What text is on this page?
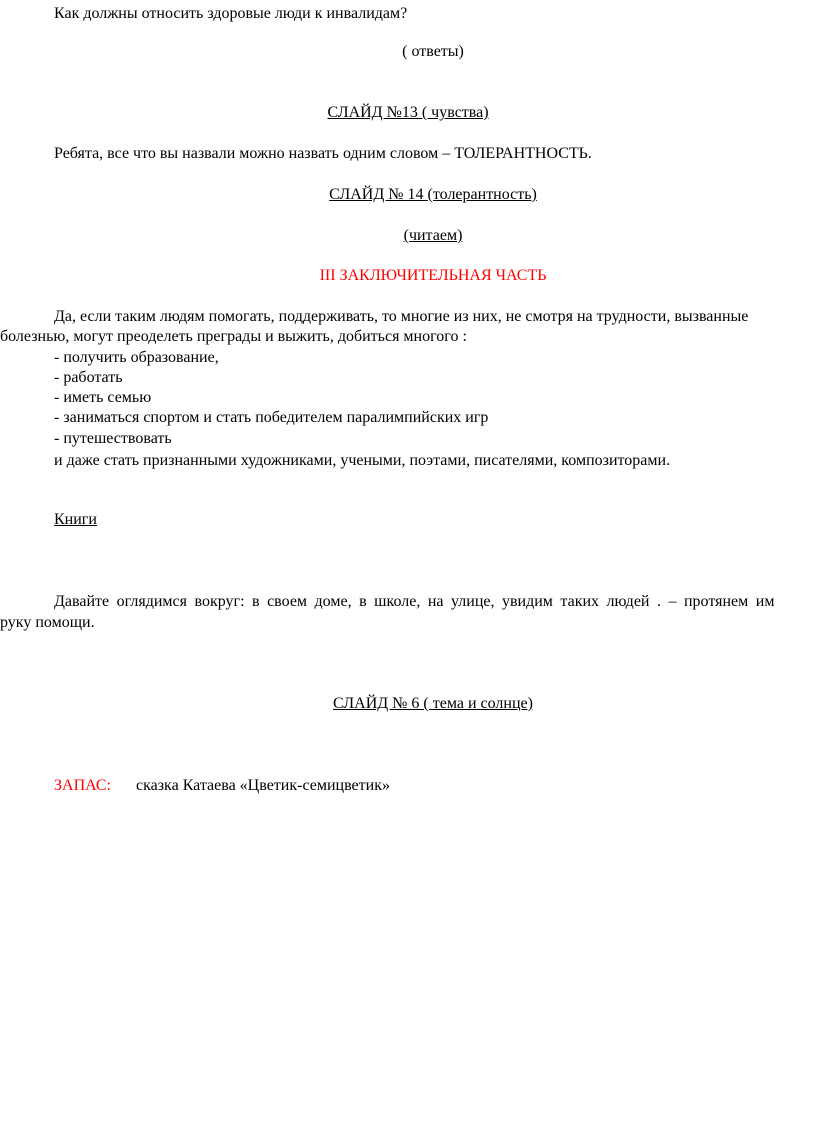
Как должны относить здоровые люди к инвалидам?
( ответы)
СЛАЙД №13 ( чувства)
Ребята, все что вы назвали можно назвать одним словом – ТОЛЕРАНТНОСТЬ.
СЛАЙД № 14 (толерантность)
(читаем)
III ЗАКЛЮЧИТЕЛЬНАЯ ЧАСТЬ
Да, если таким людям помогать, поддерживать, то многие из них, не смотря на трудности, вызванные
болезнью, могут преоделеть преграды и выжить, добиться многого :
- получить образование,
- работать
- иметь семью
- заниматься спортом и стать победителем паралимпийских игр
- путешествовать
и даже стать признанными художниками, учеными, поэтами, писателями, композиторами.
Книги
Давайте оглядимся вокруг: в своем доме, в школе, на улице, увидим таких людей . – протянем им
руку помощи.
СЛАЙД № 6 ( тема и солнце)
ЗАПАС: сказка Катаева «Цветик-семицветик»
